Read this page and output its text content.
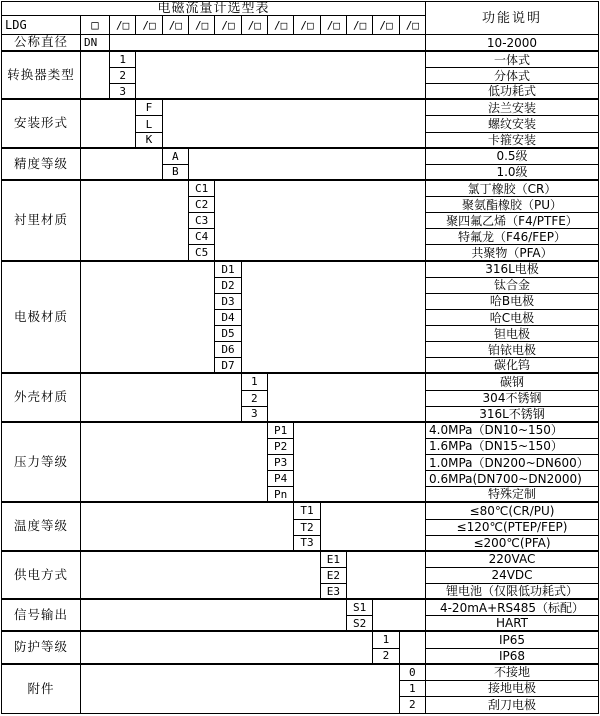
电磁流量计选型表
功能说明
LDG	□	/□	/□	/□	/□	/□	/□	/□	/□	/□	/□	/□	/□
公称直径	DN	10-2000
转换器类型
1	一体式
2	分体式
3	低功耗式
安装形式
F	法兰安装
L	螺纹安装
K	卡箍安装
精度等级	A	0.5级
B	1.0级
衬里材质
C1	氯丁橡胶（CR）
C2	聚氨酯橡胶（PU）
C3	聚四氟乙烯（F4/PTFE）
C4	特氟龙（F46/FEP）
C5	共聚物（PFA）
电极材质
D1	316L电极
D2	钛合金
D3	哈B电极
D4	哈C电极
D5	钽电极
D6	铂铱电极
D7	碳化钨
外壳材质
1	碳钢
2	304不锈钢
3	316L不锈钢
压力等级
P1	4.0MPa（DN10~150）
P2	1.6MPa（DN15~150）
P3	1.0MPa（DN200~DN600）
P4	0.6MPa(DN700~DN2000)
Pn	特殊定制
温度等级
T1	≤80℃(CR/PU)
T2	≤120℃(PTEP/FEP)
T3	≤200℃(PFA)
供电方式
E1	220VAC
E2	24VDC
E3	锂电池（仅限低功耗式）
信号输出	S1	4-20mA+RS485（标配）
S2	HART
防护等级	1	IP65
2	IP68
附件
0	不接地
1	接地电极
2	刮刀电极
